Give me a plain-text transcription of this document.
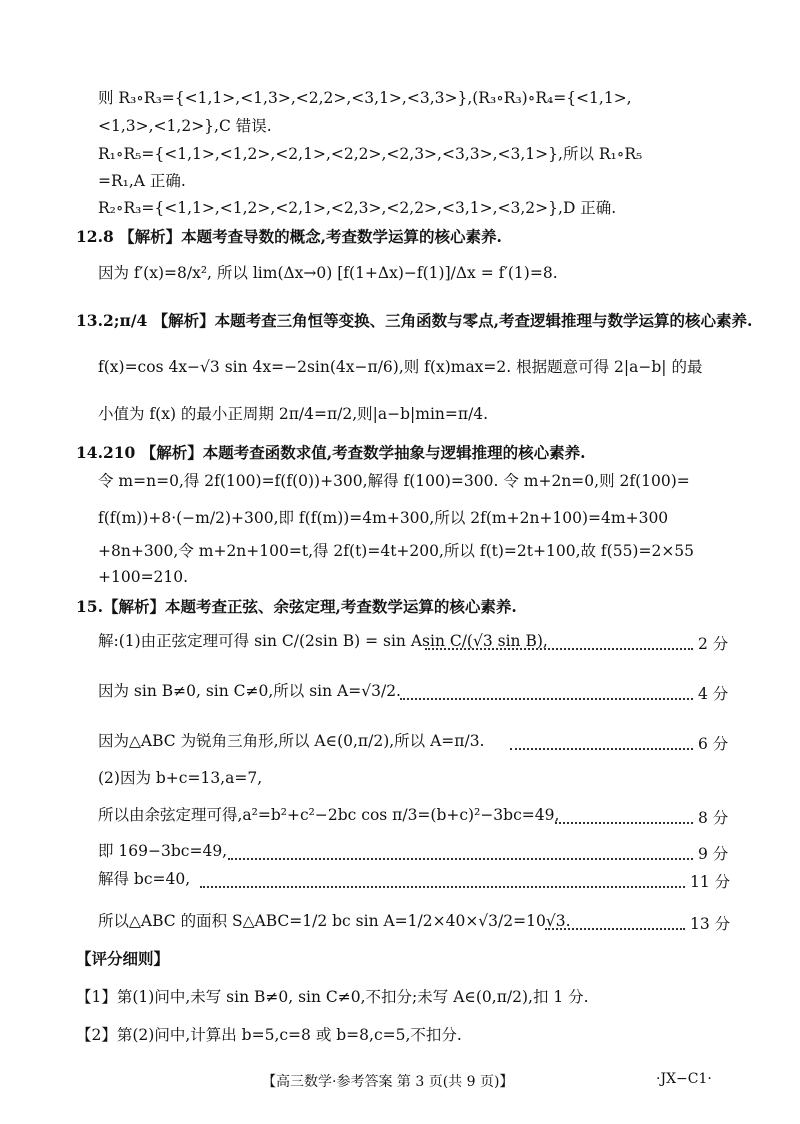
则 R₃∘R₃={<1,1>,<1,3>,<2,2>,<3,1>,<3,3>},(R₃∘R₃)∘R₄={<1,1>,
<1,3>,<1,2>},C 错误.
R₁∘R₅={<1,1>,<1,2>,<2,1>,<2,2>,<2,3>,<3,3>,<3,1>},所以 R₁∘R₅
=R₁,A 正确.
R₂∘R₃={<1,1>,<1,2>,<2,1>,<2,3>,<2,2>,<3,1>,<3,2>},D 正确.
12.8 【解析】本题考查导数的概念,考查数学运算的核心素养.
因为 f′(x)=8/x², 所以 lim(Δx→0) [f(1+Δx)−f(1)]/Δx = f′(1)=8.
13.2;π/4 【解析】本题考查三角恒等变换、三角函数与零点,考查逻辑推理与数学运算的核心素养.
f(x)=cos 4x−√3 sin 4x=−2sin(4x−π/6),则 f(x)max=2. 根据题意可得 2|a−b| 的最
小值为 f(x) 的最小正周期 2π/4=π/2,则|a−b|min=π/4.
14.210 【解析】本题考查函数求值,考查数学抽象与逻辑推理的核心素养.
令 m=n=0,得 2f(100)=f(f(0))+300,解得 f(100)=300. 令 m+2n=0,则 2f(100)=
f(f(m))+8·(−m/2)+300,即 f(f(m))=4m+300,所以 2f(m+2n+100)=4m+300
+8n+300,令 m+2n+100=t,得 2f(t)=4t+200,所以 f(t)=2t+100,故 f(55)=2×55
+100=210.
15.【解析】本题考查正弦、余弦定理,考查数学运算的核心素养.
解:(1)由正弦定理可得 sin C/(2sin B) = sin Asin C/(√3 sin B),	2 分
因为 sin B≠0, sin C≠0,所以 sin A=√3/2.	4 分
因为△ABC 为锐角三角形,所以 A∈(0,π/2),所以 A=π/3.	6 分
(2)因为 b+c=13,a=7,
所以由余弦定理可得,a²=b²+c²−2bc cos π/3=(b+c)²−3bc=49,	8 分
即 169−3bc=49,	9 分
解得 bc=40,	11 分
所以△ABC 的面积 S△ABC=1/2 bc sin A=1/2×40×√3/2=10√3.	13 分
【评分细则】
【1】第(1)问中,未写 sin B≠0, sin C≠0,不扣分;未写 A∈(0,π/2),扣 1 分.
【2】第(2)问中,计算出 b=5,c=8 或 b=8,c=5,不扣分.
【高三数学·参考答案 第 3 页(共 9 页)】	·JX−C1·
